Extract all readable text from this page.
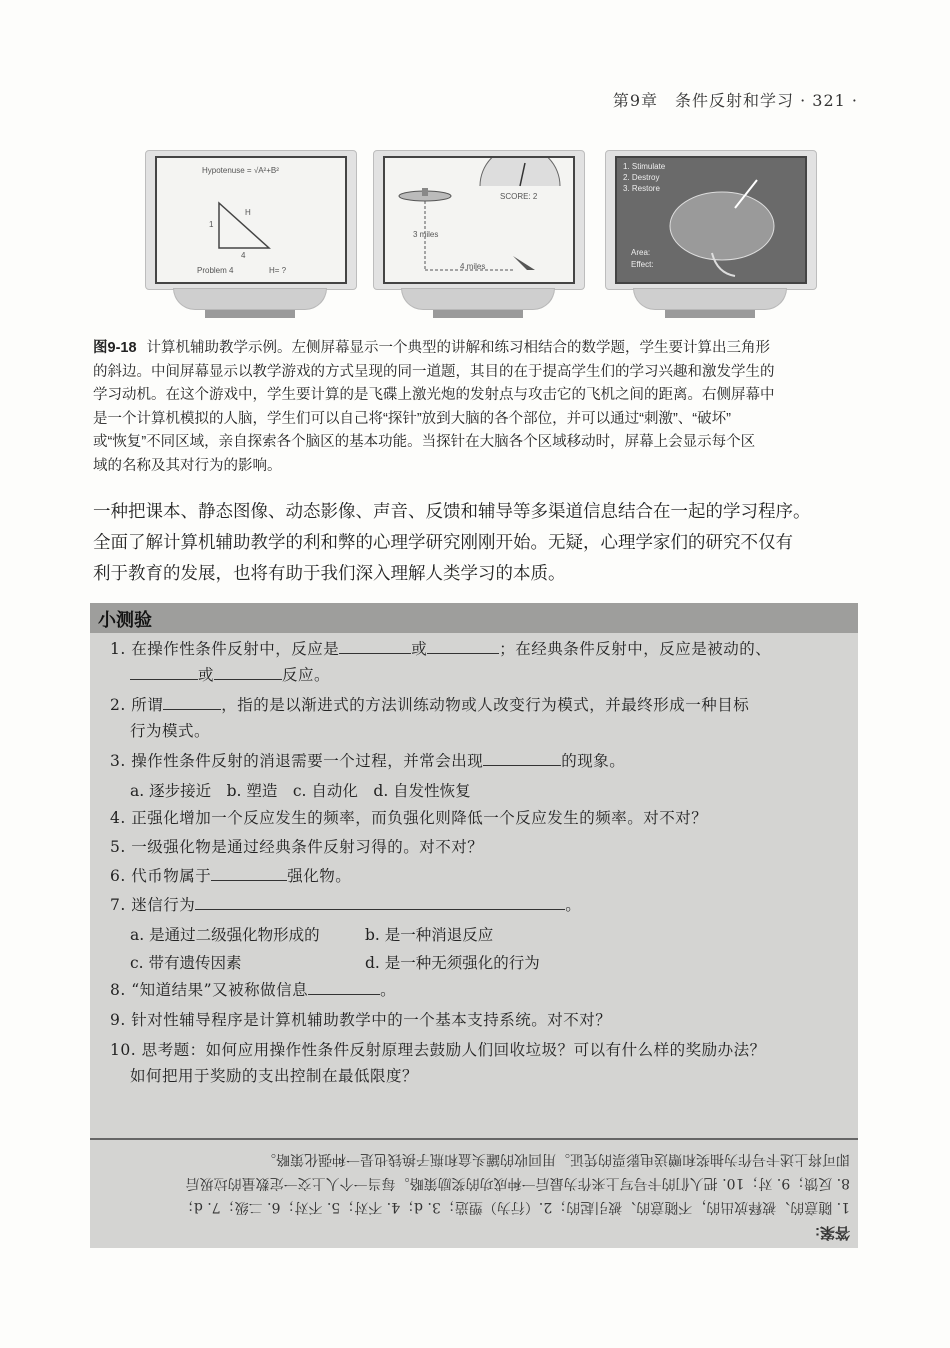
第9章　条件反射和学习 · 321 ·
Hypotenuse = √A²+B²
H
1
4
Problem 4	H= ?
3 miles
4 miles
SCORE: 2
1. Stimulate
2. Destroy
3. Restore
Area:
Effect:
图9-18 计算机辅助教学示例。左侧屏幕显示一个典型的讲解和练习相结合的数学题，学生要计算出三角形
的斜边。中间屏幕显示以教学游戏的方式呈现的同一道题，其目的在于提高学生们的学习兴趣和激发学生的
学习动机。在这个游戏中，学生要计算的是飞碟上激光炮的发射点与攻击它的飞机之间的距离。右侧屏幕中
是一个计算机模拟的人脑，学生们可以自己将“探针”放到大脑的各个部位，并可以通过“刺激”、“破坏”
或“恢复”不同区域，亲自探索各个脑区的基本功能。当探针在大脑各个区域移动时，屏幕上会显示每个区
域的名称及其对行为的影响。
一种把课本、静态图像、动态影像、声音、反馈和辅导等多渠道信息结合在一起的学习程序。
全面了解计算机辅助教学的利和弊的心理学研究刚刚开始。无疑，心理学家们的研究不仅有
利于教育的发展，也将有助于我们深入理解人类学习的本质。
小测验
1. 在操作性条件反射中，反应是	或	；在经典条件反射中，反应是被动的、
或	反应。
2. 所谓	，指的是以渐进式的方法训练动物或人改变行为模式，并最终形成一种目标
行为模式。
3. 操作性条件反射的消退需要一个过程，并常会出现	的现象。
a. 逐步接近　b. 塑造　c. 自动化　d. 自发性恢复
4. 正强化增加一个反应发生的频率，而负强化则降低一个反应发生的频率。对不对？
5. 一级强化物是通过经典条件反射习得的。对不对？
6. 代币物属于	强化物。
7. 迷信行为	。
a. 是通过二级强化物形成的	b. 是一种消退反应
c. 带有遗传因素	d. 是一种无须强化的行为
8. “知道结果”又被称做信息	。
9. 针对性辅导程序是计算机辅助教学中的一个基本支持系统。对不对？
10. 思考题：如何应用操作性条件反射原理去鼓励人们回收垃圾？可以有什么样的奖励办法？
如何把用于奖励的支出控制在最低限度？
答案:
1. 随意的、被释放出的，不随意的、被引起的；2.（行为）塑造；3. d；4. 不对；5. 不对；6. 二级；7. d；
8. 反馈；9. 对；10. 把人们的卡号写上来作为最后一种成功的奖励策略。每当一个人上交一定数量的垃圾后
即可将上述卡号作为抽奖和赠送电影票的凭证。用回收的罐头盒和瓶子换钱也是一种强化策略。
